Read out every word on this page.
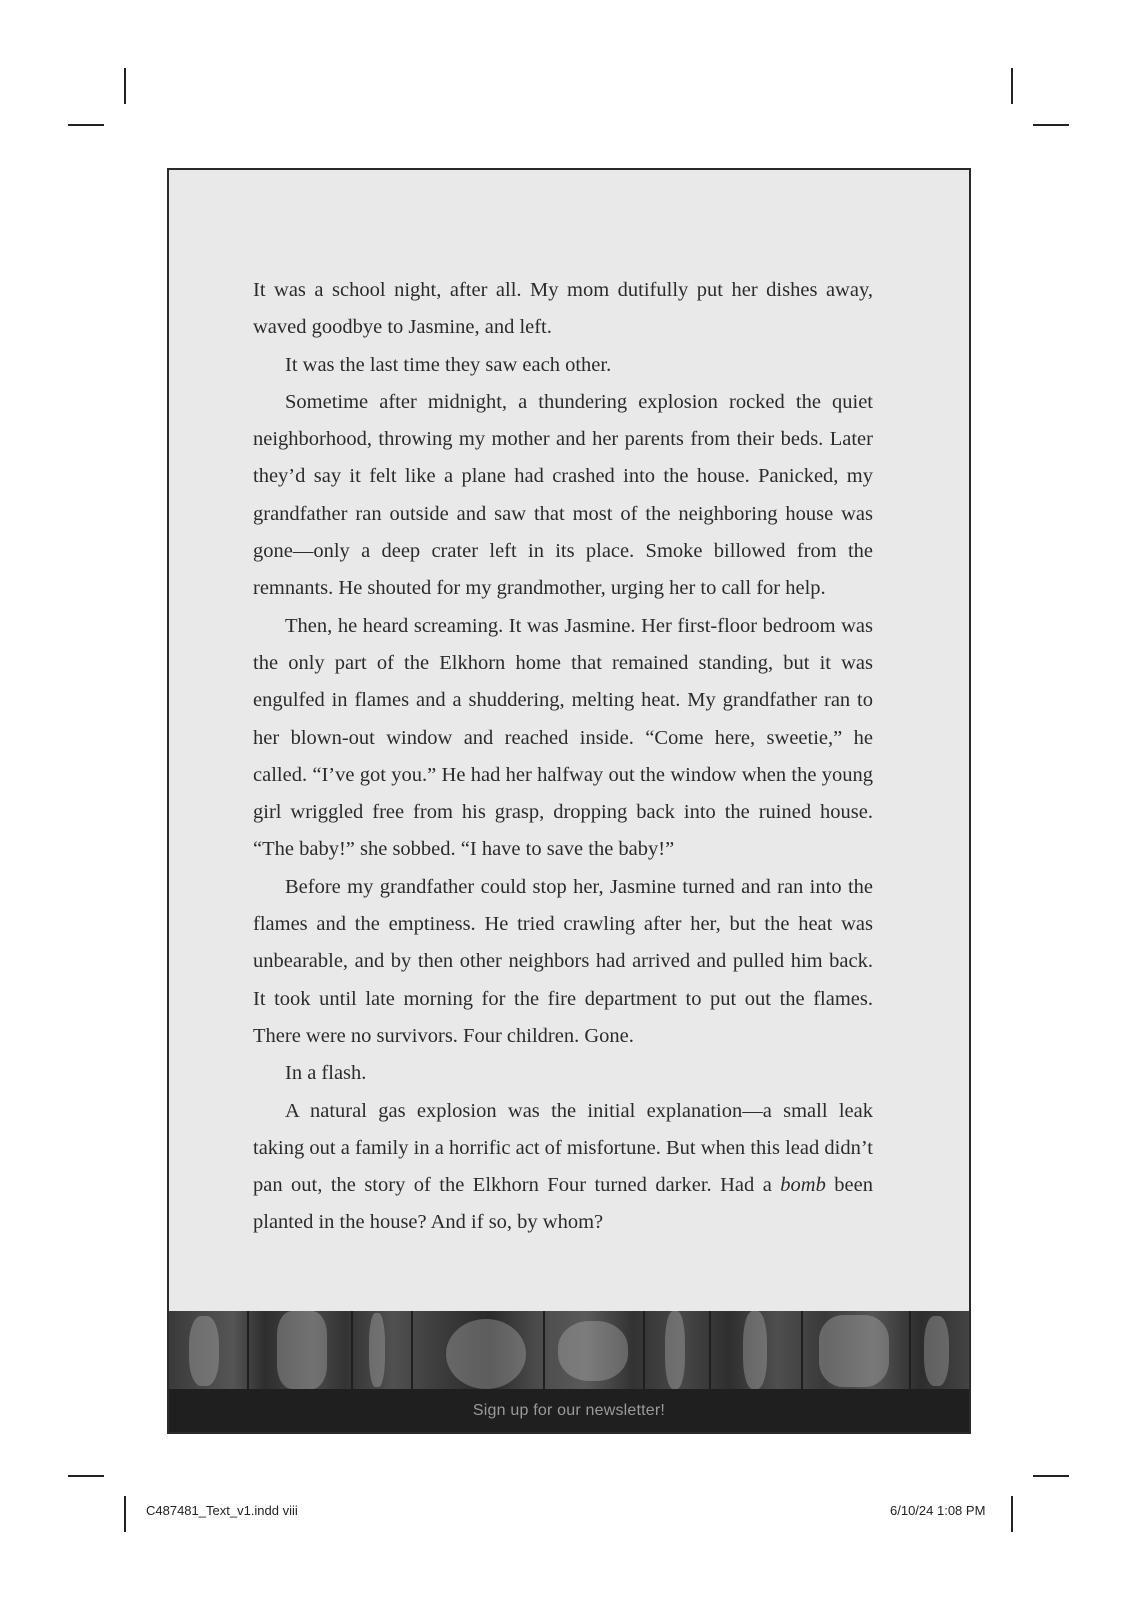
It was a school night, after all. My mom dutifully put her dishes away, waved goodbye to Jasmine, and left.

It was the last time they saw each other.

Sometime after midnight, a thundering explosion rocked the quiet neighborhood, throwing my mother and her parents from their beds. Later they’d say it felt like a plane had crashed into the house. Panicked, my grandfather ran outside and saw that most of the neighboring house was gone—only a deep crater left in its place. Smoke billowed from the remnants. He shouted for my grandmother, urging her to call for help.

Then, he heard screaming. It was Jasmine. Her first-floor bedroom was the only part of the Elkhorn home that remained standing, but it was engulfed in flames and a shuddering, melting heat. My grandfather ran to her blown-out window and reached inside. “Come here, sweetie,” he called. “I’ve got you.” He had her halfway out the window when the young girl wriggled free from his grasp, dropping back into the ruined house. “The baby!” she sobbed. “I have to save the baby!”

Before my grandfather could stop her, Jasmine turned and ran into the flames and the emptiness. He tried crawling after her, but the heat was unbearable, and by then other neighbors had arrived and pulled him back. It took until late morning for the fire department to put out the flames. There were no survivors. Four children. Gone.

In a flash.

A natural gas explosion was the initial explanation—a small leak taking out a family in a horrific act of misfortune. But when this lead didn’t pan out, the story of the Elkhorn Four turned darker. Had a bomb been planted in the house? And if so, by whom?

Sign up for our newsletter!
C487481_Text_v1.indd viii	6/10/24 1:08 PM
